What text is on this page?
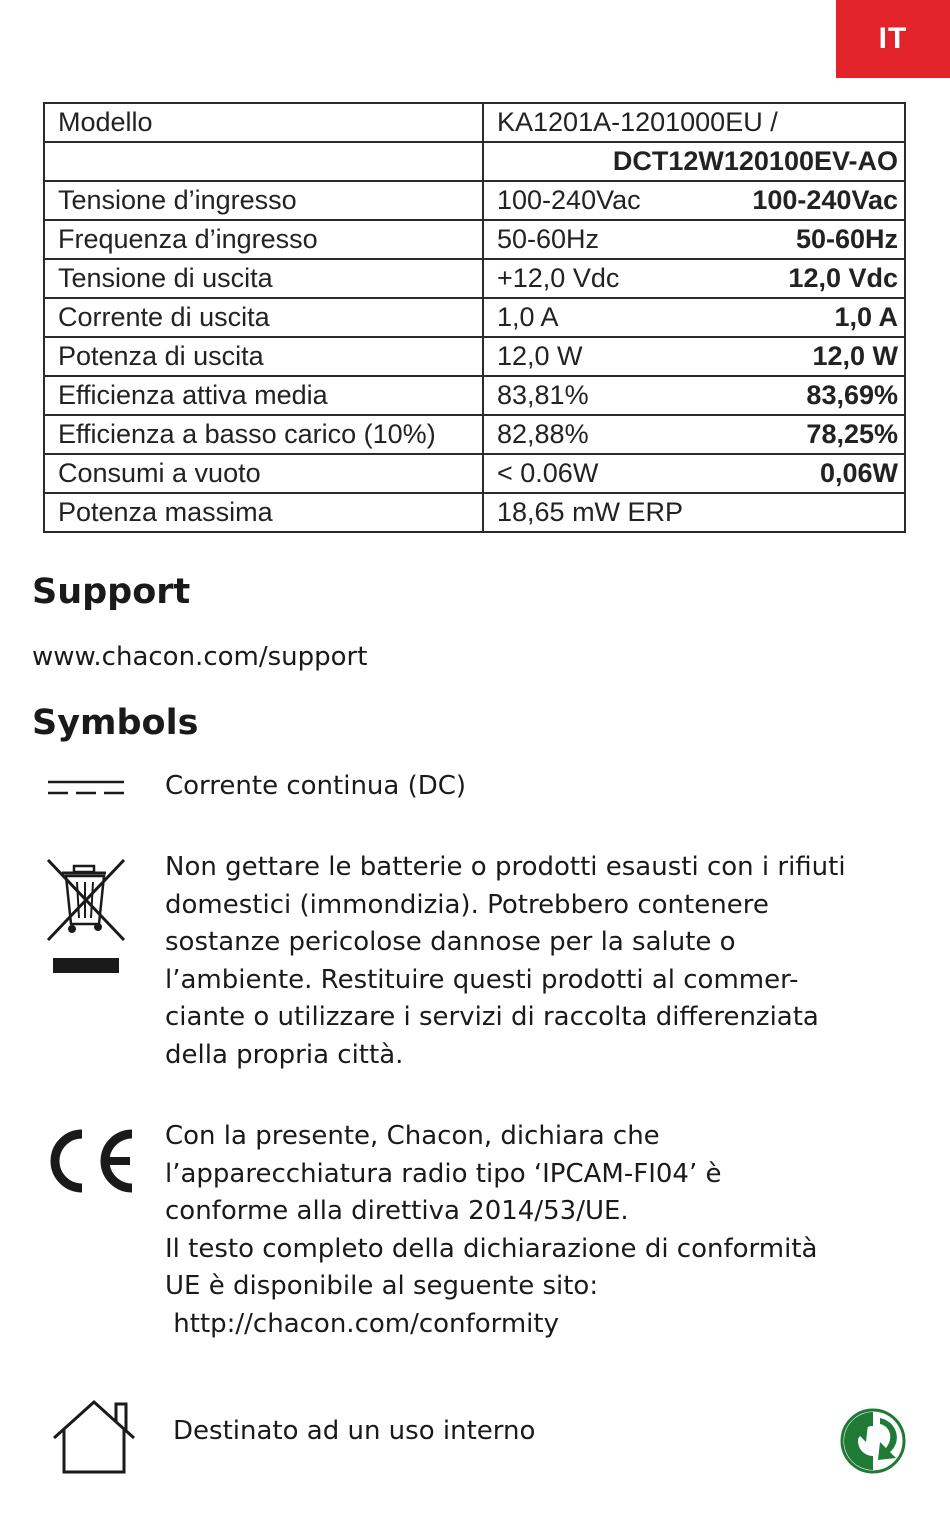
IT
Modello	KA1201A-1201000EU /
	DCT12W120100EV-AO
Tensione d’ingresso	100-240Vac 100-240Vac

Frequenza d’ingresso	50-60Hz 50-60Hz

Tensione di uscita	+12,0 Vdc 12,0 Vdc

Corrente di uscita	1,0 A 1,0 A

Potenza di uscita	12,0 W 12,0 W

Efficienza attiva media	83,81% 83,69%

Efficienza a basso carico (10%)	82,88% 78,25%

Consumi a vuoto	< 0.06W 0,06W

Potenza massima	18,65 mW ERP
Support
www.chacon.com/support
Symbols
Corrente continua (DC)
Non gettare le batterie o prodotti esausti con i rifiuti
domestici (immondizia). Potrebbero contenere
sostanze pericolose dannose per la salute o
l’ambiente. Restituire questi prodotti al commer-
ciante o utilizzare i servizi di raccolta differenziata
della propria città.
Con la presente, Chacon, dichiara che
l’apparecchiatura radio tipo ‘IPCAM-FI04’ è
conforme alla direttiva 2014/53/UE.
Il testo completo della dichiarazione di conformità
UE è disponibile al seguente sito:
http://chacon.com/conformity
Destinato ad un uso interno
